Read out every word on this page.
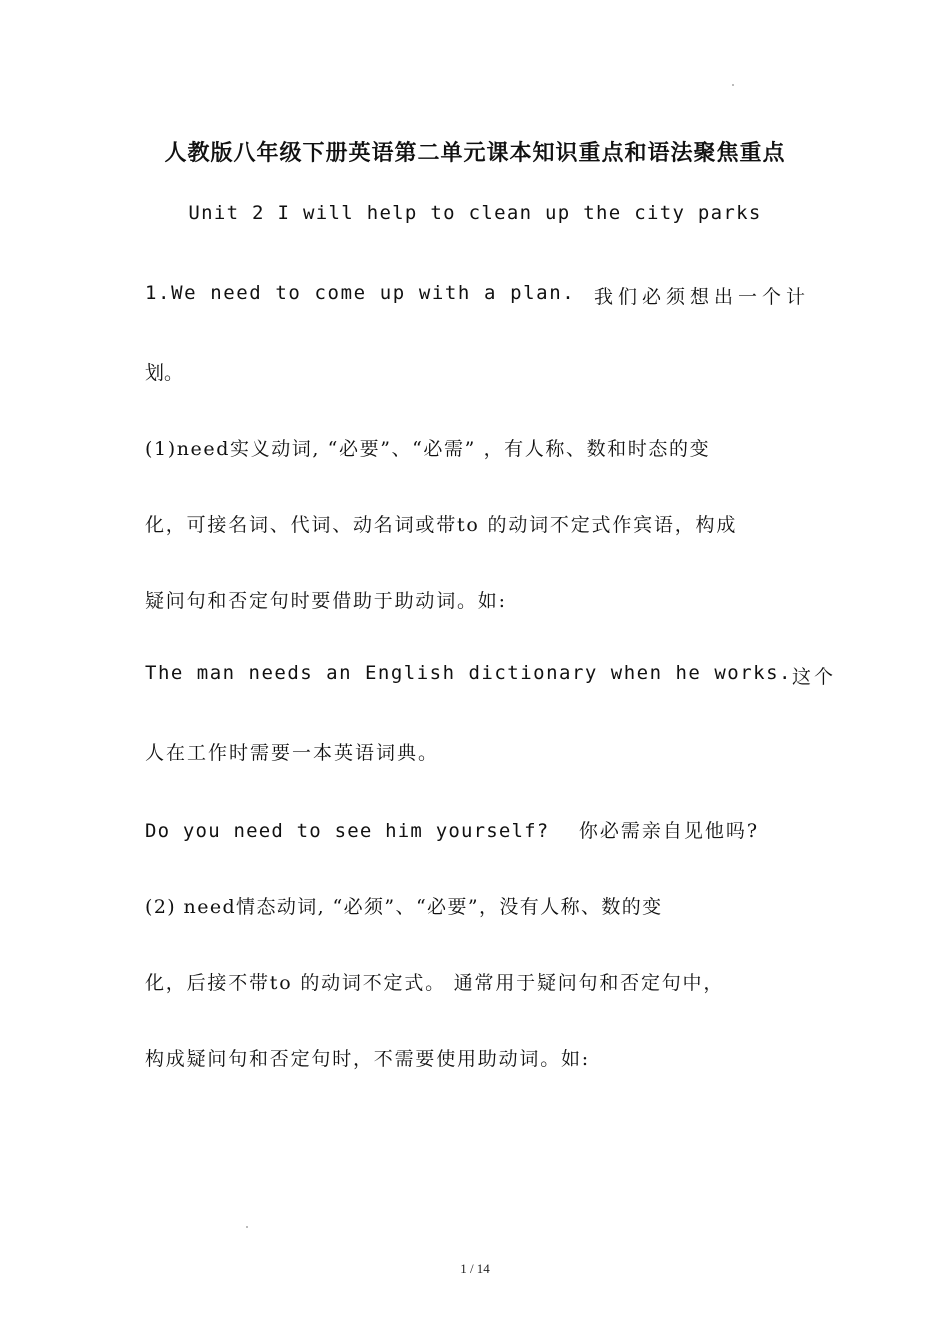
人教版八年级下册英语第二单元课本知识重点和语法聚焦重点
Unit 2 I will help to clean up the city parks
1.We need to come up with a plan. 我们必须想出一个计
划。
(1)need实义动词, “必要”、“必需” ，有人称、数和时态的变
化，可接名词、代词、动名词或带to 的动词不定式作宾语，构成
疑问句和否定句时要借助于助动词。如:
The man needs an English dictionary when he works. 这个
人在工作时需要一本英语词典。
Do you need to see him yourself? 你必需亲自见他吗?
(2) need情态动词, “必须”、“必要”，没有人称、数的变
化，后接不带to 的动词不定式。 通常用于疑问句和否定句中，
构成疑问句和否定句时，不需要使用助动词。如:
1 / 14
